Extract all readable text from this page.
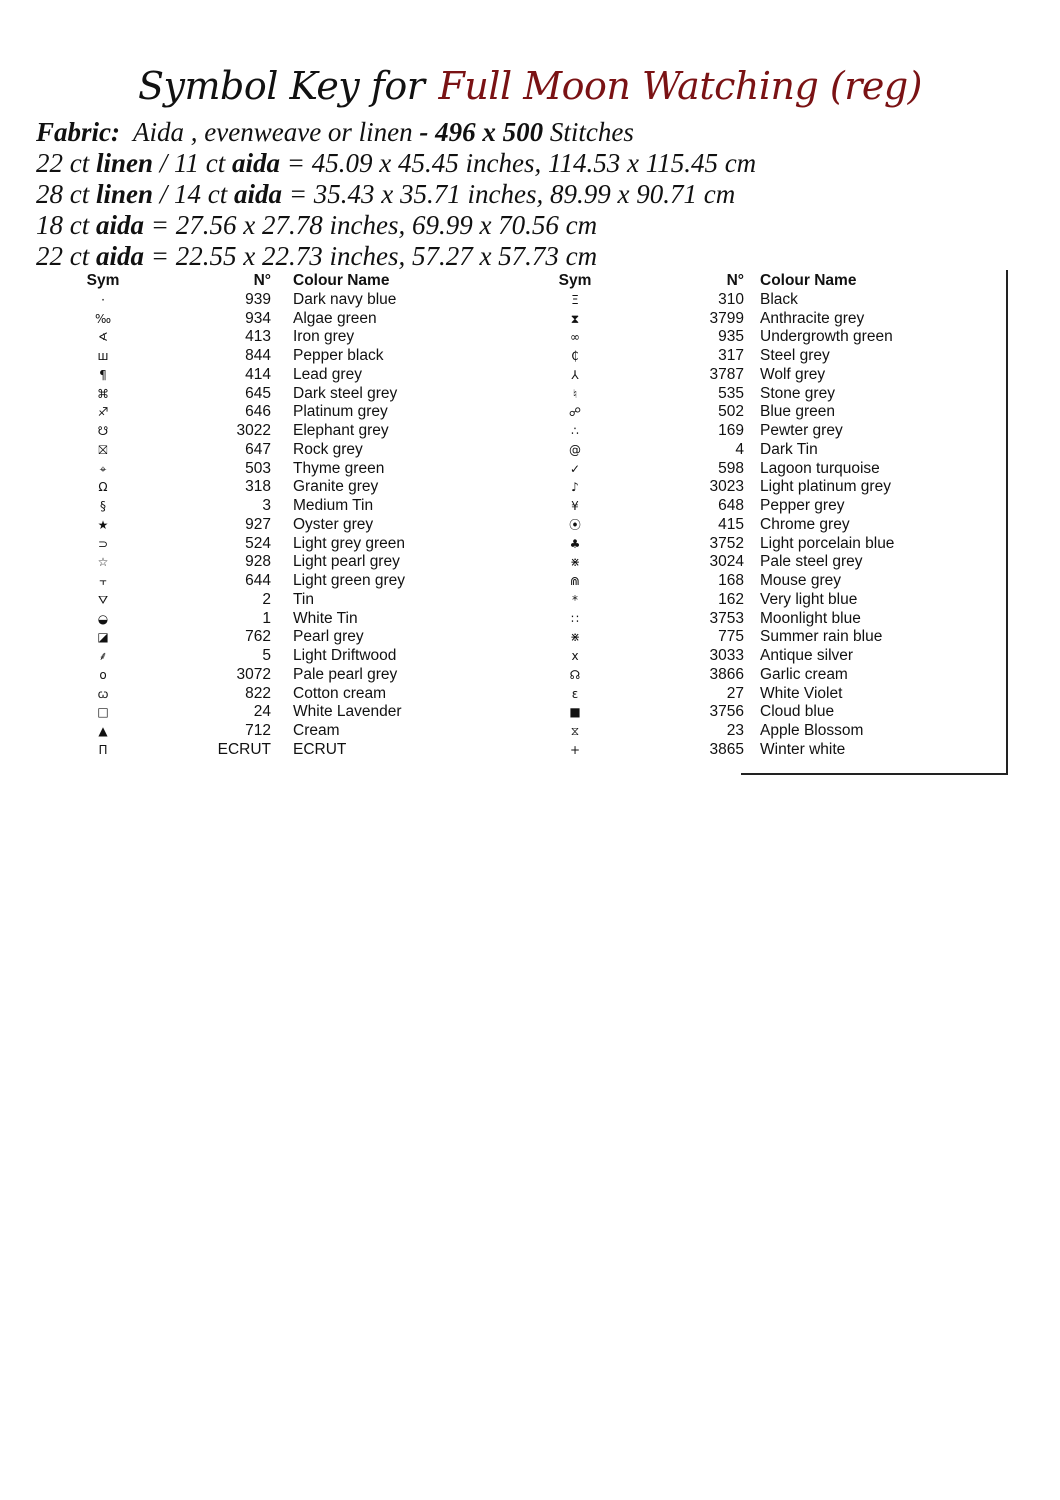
Symbol Key for Full Moon Watching (reg)
Fabric: Aida , evenweave or linen - 496 x 500 Stitches
22 ct linen / 11 ct aida = 45.09 x 45.45 inches, 114.53 x 115.45 cm
28 ct linen / 14 ct aida = 35.43 x 35.71 inches, 89.99 x 90.71 cm
18 ct aida = 27.56 x 27.78 inches, 69.99 x 70.56 cm
22 ct aida = 22.55 x 22.73 inches, 57.27 x 57.73 cm
Sym	N° Colour Name
·	939 Dark navy blue
‰	934 Algae green
∢	413 Iron grey
ш	844 Pepper black
¶	414 Lead grey
⌘	645 Dark steel grey
♐	646 Platinum grey
☋	3022 Elephant grey
⛝	647 Rock grey
⌖	503 Thyme green
Ω	318 Granite grey
§	3 Medium Tin
★	927 Oyster grey
⊃	524 Light grey green
☆	928 Light pearl grey
⫟	644 Light green grey
⛛	2 Tin
◒	1 White Tin
◪	762 Pearl grey
⸙	5 Light Driftwood
o	3072 Pale pearl grey
ꞷ	822 Cotton cream
□	24 White Lavender
▲	712 Cream
Π	ECRUT ECRUT
Sym	N° Colour Name
Ξ	310 Black
⧗	3799 Anthracite grey
∞	935 Undergrowth green
₵	317 Steel grey
⅄	3787 Wolf grey
♮	535 Stone grey
☍	502 Blue green
∴	169 Pewter grey
@	4 Dark Tin
✓	598 Lagoon turquoise
♪	3023 Light platinum grey
¥	648 Pepper grey
⦿	415 Chrome grey
♣	3752 Light porcelain blue
⋇	3024 Pale steel grey
⋒	168 Mouse grey
*	162 Very light blue
∷	3753 Moonlight blue
⋇	775 Summer rain blue
x	3033 Antique silver
☊	3866 Garlic cream
ɛ	27 White Violet
■	3756 Cloud blue
⧖	23 Apple Blossom
+	3865 Winter white
